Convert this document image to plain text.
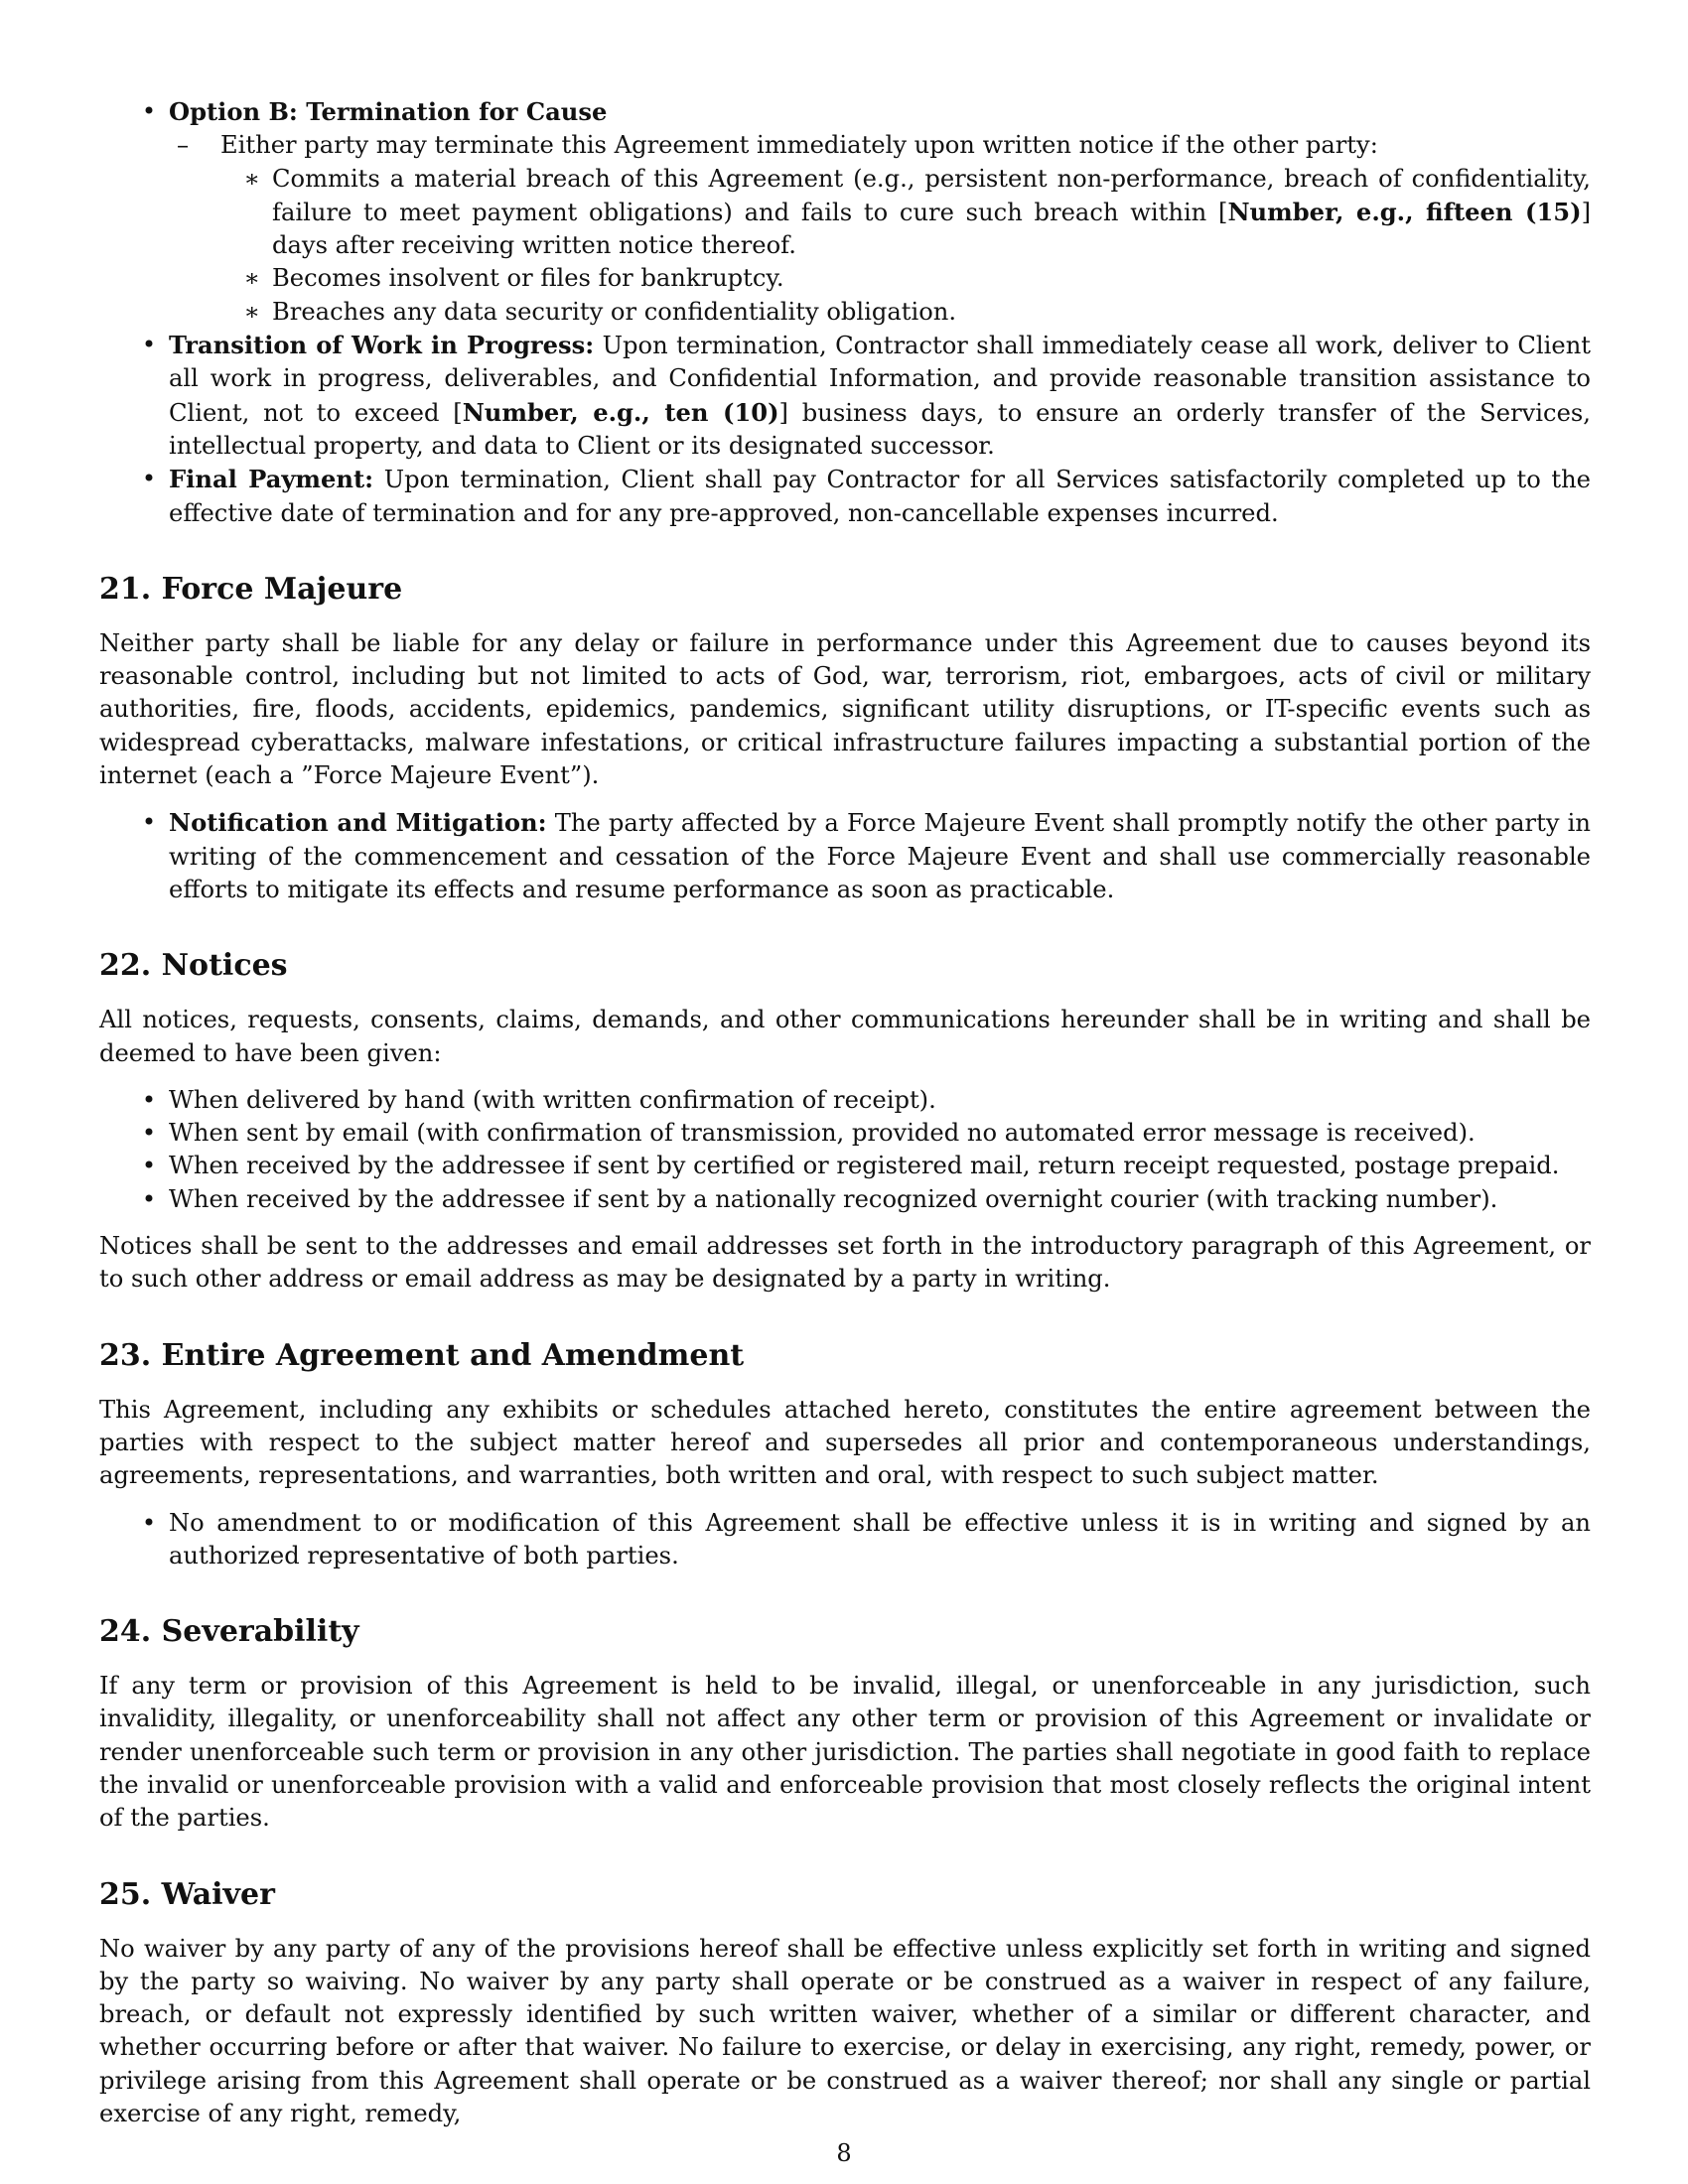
• Option B: Termination for Cause
–	Either party may terminate this Agreement immediately upon written notice if the other party:
∗ Commits a material breach of this Agreement (e.g., persistent non-performance, breach of confidentiality, failure to meet payment obligations) and fails to cure such breach within [Number, e.g., fifteen (15)] days after receiving written notice thereof.
∗ Becomes insolvent or files for bankruptcy.
∗ Breaches any data security or confidentiality obligation.
• Transition of Work in Progress: Upon termination, Contractor shall immediately cease all work, deliver to Client all work in progress, deliverables, and Confidential Information, and provide reasonable transition assistance to Client, not to exceed [Number, e.g., ten (10)] business days, to ensure an orderly transfer of the Services, intellectual property, and data to Client or its designated successor.
• Final Payment: Upon termination, Client shall pay Contractor for all Services satisfactorily completed up to the effective date of termination and for any pre-approved, non-cancellable expenses incurred.
21. Force Majeure

Neither party shall be liable for any delay or failure in performance under this Agreement due to causes beyond its reasonable control, including but not limited to acts of God, war, terrorism, riot, embargoes, acts of civil or military authorities, fire, floods, accidents, epidemics, pandemics, significant utility disruptions, or IT-specific events such as widespread cyberattacks, malware infestations, or critical infrastructure failures impacting a substantial portion of the internet (each a ”Force Majeure Event”).

• Notification and Mitigation: The party affected by a Force Majeure Event shall promptly notify the other party in writing of the commencement and cessation of the Force Majeure Event and shall use commercially reasonable efforts to mitigate its effects and resume performance as soon as practicable.
22. Notices

All notices, requests, consents, claims, demands, and other communications hereunder shall be in writing and shall be deemed to have been given:

• When delivered by hand (with written confirmation of receipt).
• When sent by email (with confirmation of transmission, provided no automated error message is received).
• When received by the addressee if sent by certified or registered mail, return receipt requested, postage prepaid.
• When received by the addressee if sent by a nationally recognized overnight courier (with tracking number).

Notices shall be sent to the addresses and email addresses set forth in the introductory paragraph of this Agreement, or to such other address or email address as may be designated by a party in writing.

23. Entire Agreement and Amendment

This Agreement, including any exhibits or schedules attached hereto, constitutes the entire agreement between the parties with respect to the subject matter hereof and supersedes all prior and contemporaneous understandings, agreements, representations, and warranties, both written and oral, with respect to such subject matter.

• No amendment to or modification of this Agreement shall be effective unless it is in writing and signed by an authorized representative of both parties.
24. Severability

If any term or provision of this Agreement is held to be invalid, illegal, or unenforceable in any jurisdiction, such invalidity, illegality, or unenforceability shall not affect any other term or provision of this Agreement or invalidate or render unenforceable such term or provision in any other jurisdiction. The parties shall negotiate in good faith to replace the invalid or unenforceable provision with a valid and enforceable provision that most closely reflects the original intent of the parties.

25. Waiver

No waiver by any party of any of the provisions hereof shall be effective unless explicitly set forth in writing and signed by the party so waiving. No waiver by any party shall operate or be construed as a waiver in respect of any failure, breach, or default not expressly identified by such written waiver, whether of a similar or different character, and whether occurring before or after that waiver. No failure to exercise, or delay in exercising, any right, remedy, power, or privilege arising from this Agreement shall operate or be construed as a waiver thereof; nor shall any single or partial exercise of any right, remedy,

8
